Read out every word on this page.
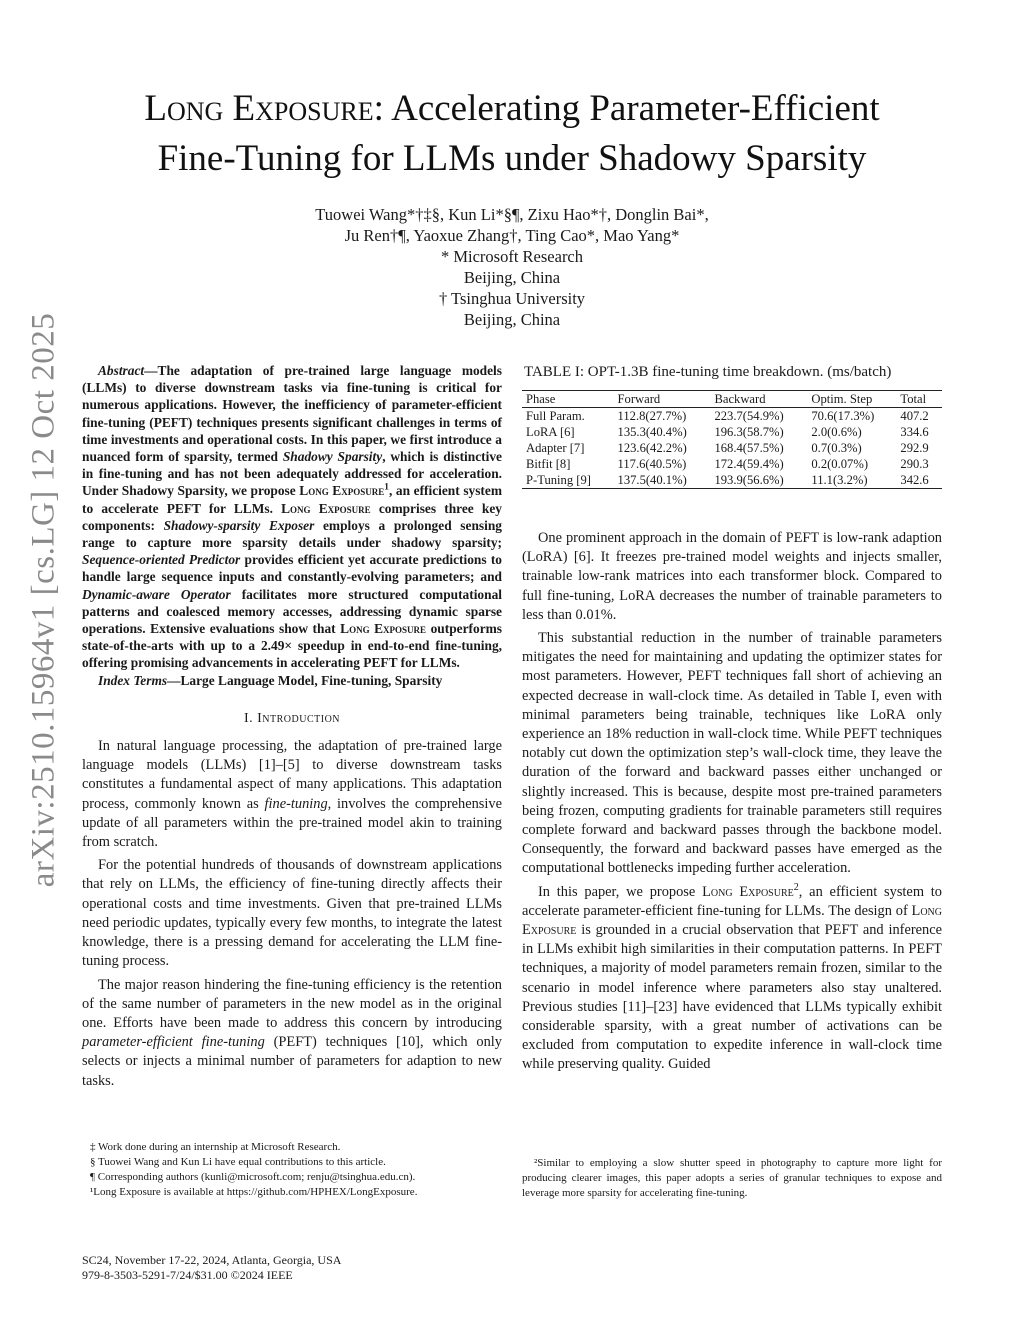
arXiv:2510.15964v1 [cs.LG] 12 Oct 2025
Long Exposure: Accelerating Parameter-Efficient
Fine-Tuning for LLMs under Shadowy Sparsity
Tuowei Wang*†‡§, Kun Li*§¶, Zixu Hao*†, Donglin Bai*,
Ju Ren†¶, Yaoxue Zhang†, Ting Cao*, Mao Yang*
* Microsoft Research
Beijing, China
† Tsinghua University
Beijing, China

Abstract—The adaptation of pre-trained large language models (LLMs) to diverse downstream tasks via fine-tuning is critical for numerous applications. However, the inefficiency of parameter-efficient fine-tuning (PEFT) techniques presents significant challenges in terms of time investments and operational costs. In this paper, we first introduce a nuanced form of sparsity, termed Shadowy Sparsity, which is distinctive in fine-tuning and has not been adequately addressed for acceleration. Under Shadowy Sparsity, we propose Long Exposure$^1$, an efficient system to accelerate PEFT for LLMs. Long Exposure comprises three key components: Shadowy-sparsity Exposer employs a prolonged sensing range to capture more sparsity details under shadowy sparsity; Sequence-oriented Predictor provides efficient yet accurate predictions to handle large sequence inputs and constantly-evolving parameters; and Dynamic-aware Operator facilitates more structured computational patterns and coalesced memory accesses, addressing dynamic sparse operations. Extensive evaluations show that Long Exposure outperforms state-of-the-arts with up to a 2.49× speedup in end-to-end fine-tuning, offering promising advancements in accelerating PEFT for LLMs.

Index Terms—Large Language Model, Fine-tuning, Sparsity

I. Introduction

In natural language processing, the adaptation of pre-trained large language models (LLMs) [1]–[5] to diverse downstream tasks constitutes a fundamental aspect of many applications. This adaptation process, commonly known as fine-tuning, involves the comprehensive update of all parameters within the pre-trained model akin to training from scratch.

For the potential hundreds of thousands of downstream applications that rely on LLMs, the efficiency of fine-tuning directly affects their operational costs and time investments. Given that pre-trained LLMs need periodic updates, typically every few months, to integrate the latest knowledge, there is a pressing demand for accelerating the LLM fine-tuning process.

The major reason hindering the fine-tuning efficiency is the retention of the same number of parameters in the new model as in the original one. Efforts have been made to address this concern by introducing parameter-efficient fine-tuning (PEFT) techniques [10], which only selects or injects a minimal number of parameters for adaption to new tasks.

‡ Work done during an internship at Microsoft Research.
§ Tuowei Wang and Kun Li have equal contributions to this article.
¶ Corresponding authors (kunli@microsoft.com; renju@tsinghua.edu.cn).
¹Long Exposure is available at https://github.com/HPHEX/LongExposure.
SC24, November 17-22, 2024, Atlanta, Georgia, USA
979-8-3503-5291-7/24/$31.00 ©2024 IEEE
TABLE I: OPT-1.3B fine-tuning time breakdown. (ms/batch)
Phase	Forward	Backward	Optim. Step	Total
Full Param.	112.8(27.7%)	223.7(54.9%)	70.6(17.3%)	407.2
LoRA [6]	135.3(40.4%)	196.3(58.7%)	2.0(0.6%)	334.6
Adapter [7]	123.6(42.2%)	168.4(57.5%)	0.7(0.3%)	292.9
Bitfit [8]	117.6(40.5%)	172.4(59.4%)	0.2(0.07%)	290.3
P-Tuning [9]	137.5(40.1%)	193.9(56.6%)	11.1(3.2%)	342.6

One prominent approach in the domain of PEFT is low-rank adaption (LoRA) [6]. It freezes pre-trained model weights and injects smaller, trainable low-rank matrices into each transformer block. Compared to full fine-tuning, LoRA decreases the number of trainable parameters to less than 0.01%.

This substantial reduction in the number of trainable parameters mitigates the need for maintaining and updating the optimizer states for most parameters. However, PEFT techniques fall short of achieving an expected decrease in wall-clock time. As detailed in Table I, even with minimal parameters being trainable, techniques like LoRA only experience an 18% reduction in wall-clock time. While PEFT techniques notably cut down the optimization step’s wall-clock time, they leave the duration of the forward and backward passes either unchanged or slightly increased. This is because, despite most pre-trained parameters being frozen, computing gradients for trainable parameters still requires complete forward and backward passes through the backbone model. Consequently, the forward and backward passes have emerged as the computational bottlenecks impeding further acceleration.

In this paper, we propose Long Exposure$^2$, an efficient system to accelerate parameter-efficient fine-tuning for LLMs. The design of Long Exposure is grounded in a crucial observation that PEFT and inference in LLMs exhibit high similarities in their computation patterns. In PEFT techniques, a majority of model parameters remain frozen, similar to the scenario in model inference where parameters also stay unaltered. Previous studies [11]–[23] have evidenced that LLMs typically exhibit considerable sparsity, with a great number of activations can be excluded from computation to expedite inference in wall-clock time while preserving quality. Guided

²Similar to employing a slow shutter speed in photography to capture more light for producing clearer images, this paper adopts a series of granular techniques to expose and leverage more sparsity for accelerating fine-tuning.
